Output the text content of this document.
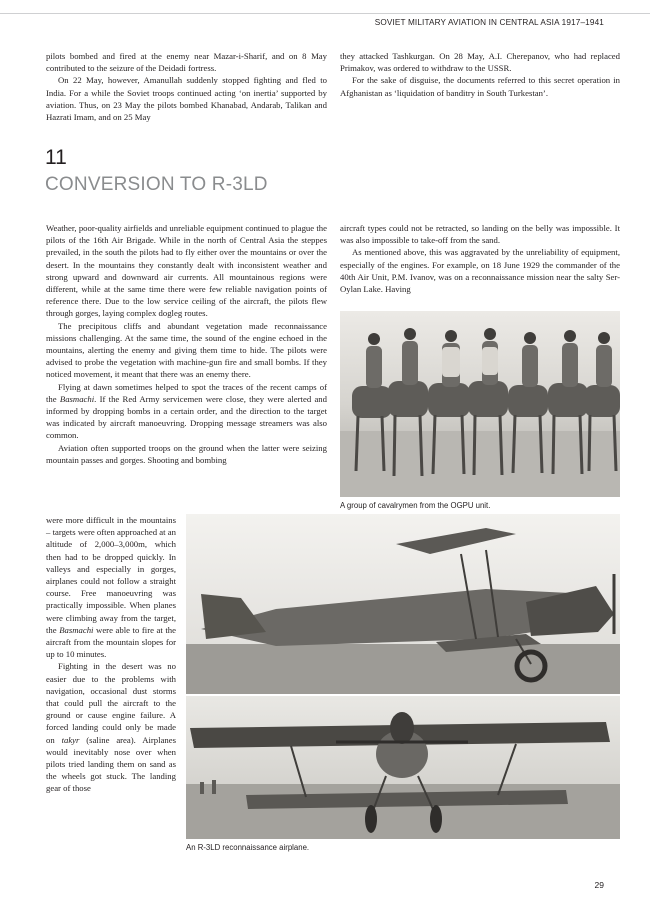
SOVIET MILITARY AVIATION IN CENTRAL ASIA 1917–1941

pilots bombed and fired at the enemy near Mazar-i-Sharif, and on 8 May contributed to the seizure of the Deidadi fortress.

On 22 May, however, Amanullah suddenly stopped fighting and fled to India. For a while the Soviet troops continued acting ‘on inertia’ supported by aviation. Thus, on 23 May the pilots bombed Khanabad, Andarab, Talikan and Hazrati Imam, and on 25 May

they attacked Tashkurgan. On 28 May, A.I. Cherepanov, who had replaced Primakov, was ordered to withdraw to the USSR.

For the sake of disguise, the documents referred to this secret operation in Afghanistan as ‘liquidation of banditry in South Turkestan’.

11
CONVERSION TO R-3LD

Weather, poor-quality airfields and unreliable equipment continued to plague the pilots of the 16th Air Brigade. While in the north of Central Asia the steppes prevailed, in the south the pilots had to fly either over the mountains or over the desert. In the mountains they constantly dealt with inconsistent weather and strong upward and downward air currents. All mountainous regions were different, while at the same time there were few reliable navigation points of reference there. Due to the low service ceiling of the aircraft, the pilots flew through gorges, laying complex dogleg routes.

The precipitous cliffs and abundant vegetation made reconnaissance missions challenging. At the same time, the sound of the engine echoed in the mountains, alerting the enemy and giving them time to hide. The pilots were advised to probe the vegetation with machine-gun fire and small bombs. If they noticed movement, it meant that there was an enemy there.

Flying at dawn sometimes helped to spot the traces of the recent camps of the Basmachi. If the Red Army servicemen were close, they were alerted and informed by dropping bombs in a certain order, and the direction to the target was indicated by aircraft manoeuvring. Dropping message streamers was also common.

Aviation often supported troops on the ground when the latter were seizing mountain passes and gorges. Shooting and bombing

were more difficult in the mountains – targets were often approached at an altitude of 2,000–3,000m, which then had to be dropped quickly. In valleys and especially in gorges, airplanes could not follow a straight course. Free manoeuvring was practically impossible. When planes were climbing away from the target, the Basmachi were able to fire at the aircraft from the mountain slopes for up to 10 minutes.

Fighting in the desert was no easier due to the problems with navigation, occasional dust storms that could pull the aircraft to the ground or cause engine failure. A forced landing could only be made on takyr (saline area). Airplanes would inevitably nose over when pilots tried landing them on sand as the wheels got stuck. The landing gear of those

aircraft types could not be retracted, so landing on the belly was impossible. It was also impossible to take-off from the sand.

As mentioned above, this was aggravated by the unreliability of equipment, especially of the engines. For example, on 18 June 1929 the commander of the 40th Air Unit, P.M. Ivanov, was on a reconnaissance mission near the salty Ser-Oylan Lake. Having

A group of cavalrymen from the OGPU unit.
An R-3LD reconnaissance airplane.
29
